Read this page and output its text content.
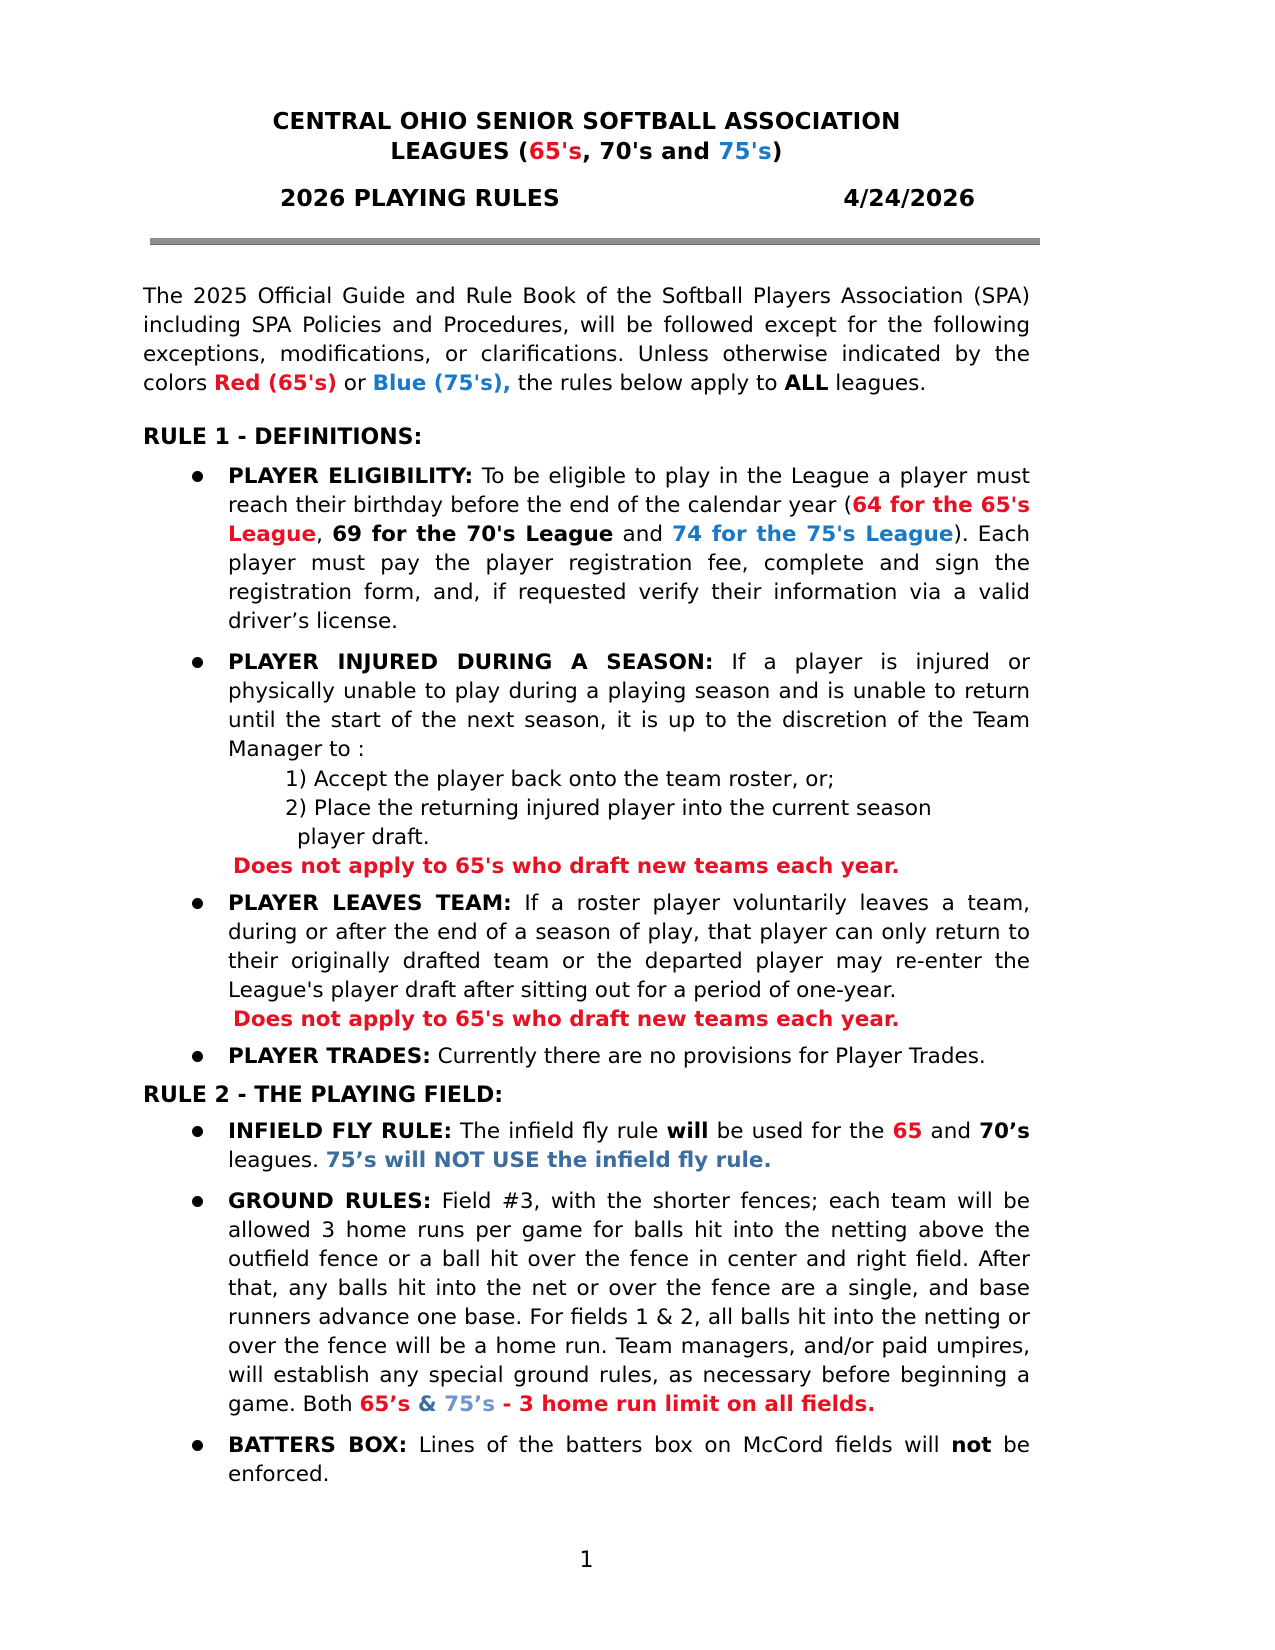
CENTRAL OHIO SENIOR SOFTBALL ASSOCIATION
LEAGUES (65's, 70's and 75's)
2026 PLAYING RULES	4/24/2026
The 2025 Official Guide and Rule Book of the Softball Players Association (SPA) including SPA Policies and Procedures, will be followed except for the following exceptions, modifications, or clarifications. Unless otherwise indicated by the colors Red (65's) or Blue (75's), the rules below apply to ALL leagues.
RULE 1 - DEFINITIONS:
PLAYER ELIGIBILITY: To be eligible to play in the League a player must reach their birthday before the end of the calendar year (64 for the 65's League, 69 for the 70's League and 74 for the 75's League). Each player must pay the player registration fee, complete and sign the registration form, and, if requested verify their information via a valid driver’s license.
PLAYER INJURED DURING A SEASON: If a player is injured or physically unable to play during a playing season and is unable to return until the start of the next season, it is up to the discretion of the Team Manager to :
1) Accept the player back onto the team roster, or;
2) Place the returning injured player into the current season player draft.
Does not apply to 65's who draft new teams each year.
PLAYER LEAVES TEAM: If a roster player voluntarily leaves a team, during or after the end of a season of play, that player can only return to their originally drafted team or the departed player may re-enter the League's player draft after sitting out for a period of one-year.
Does not apply to 65's who draft new teams each year.
PLAYER TRADES: Currently there are no provisions for Player Trades.
RULE 2 - THE PLAYING FIELD:
INFIELD FLY RULE: The infield fly rule will be used for the 65 and 70’s leagues. 75’s will NOT USE the infield fly rule.
GROUND RULES: Field #3, with the shorter fences; each team will be allowed 3 home runs per game for balls hit into the netting above the outfield fence or a ball hit over the fence in center and right field. After that, any balls hit into the net or over the fence are a single, and base runners advance one base. For fields 1 & 2, all balls hit into the netting or over the fence will be a home run. Team managers, and/or paid umpires, will establish any special ground rules, as necessary before beginning a game. Both 65’s & 75’s - 3 home run limit on all fields.
BATTERS BOX: Lines of the batters box on McCord fields will not be enforced.
1
